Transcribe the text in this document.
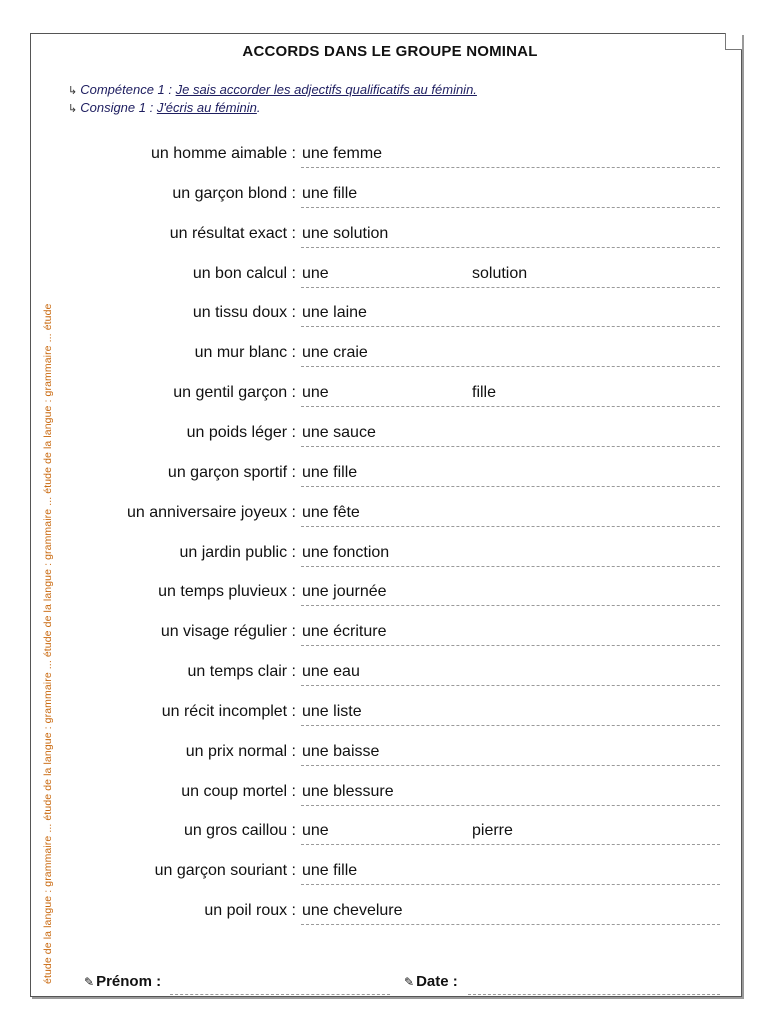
étude de la langue : grammaire ... étude de la langue : grammaire ... étude de la langue : grammaire ... étude de la langue : grammaire ... étude
ACCORDS DANS LE GROUPE NOMINAL
↳ Compétence 1 : Je sais accorder les adjectifs qualificatifs au féminin.
↳ Consigne 1 : J'écris au féminin.
un homme aimable : une femme
un garçon blond : une fille
un résultat exact : une solution
un bon calcul : une	solution
un tissu doux : une laine
un mur blanc : une craie
un gentil garçon : une	fille
un poids léger : une sauce
un garçon sportif : une fille
un anniversaire joyeux : une fête
un jardin public : une fonction
un temps pluvieux : une journée
un visage régulier : une écriture
un temps clair : une eau
un récit incomplet : une liste
un prix normal : une baisse
un coup mortel : une blessure
un gros caillou : une	pierre
un garçon souriant : une fille
un poil roux : une chevelure
✎ Prénom :	✎ Date :
